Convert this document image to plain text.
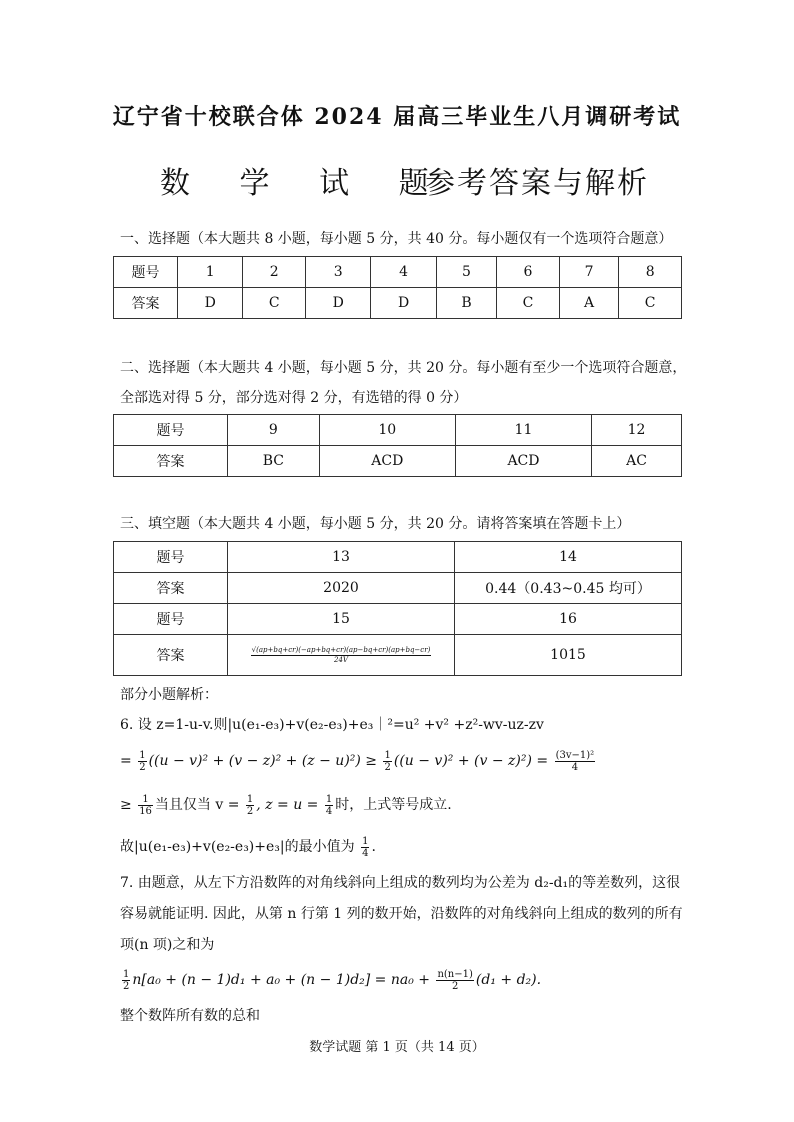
辽宁省十校联合体 2024 届高三毕业生八月调研考试
数 学 试 题
参考答案与解析
一、选择题（本大题共 8 小题，每小题 5 分，共 40 分。每小题仅有一个选项符合题意）
题号	1	2	3	4	5	6	7	8
答案	D	C	D	D	B	C	A	C
二、选择题（本大题共 4 小题，每小题 5 分，共 20 分。每小题有至少一个选项符合题意，
全部选对得 5 分，部分选对得 2 分，有选错的得 0 分）
题号	9	10	11	12
答案	BC	ACD	ACD	AC
三、填空题（本大题共 4 小题，每小题 5 分，共 20 分。请将答案填在答题卡上）
题号	13	14
答案	2020	0.44（0.43~0.45 均可）
题号	15	16
答案	$\frac{√(ap+bq+cr)(-ap+bq+cr)(ap-bq+cr)(ap+bq-cr)}{24V}$	1015
部分小题解析：
6. 设 z=1-u-v.则|u(e₁-e₃)+v(e₂-e₃)+e₃｜²=u² +v² +z²-wv-uz-zv
= $\frac{1}{2} ((u - v)^2 + (v - z)^2 + (z - u)^2) \ge \frac{1}{2} ((u - v)^2 + (v - z)^2) = \frac{\text{(3v−1)²}}{4}$
≥ $\frac{1}{16}$ 当且仅当 $v = \frac{1}{2}$ , $z = u = \frac{1}{4}$ 时，上式等号成立.
故|u(e₁-e₃)+v(e₂-e₃)+e₃|的最小值为 $\frac{1}{4}$ .
7. 由题意，从左下方沿数阵的对角线斜向上组成的数列均为公差为 d₂-d₁的等差数列，这很
容易就能证明. 因此，从第 n 行第 1 列的数开始，沿数阵的对角线斜向上组成的数列的所有
项(n 项)之和为
$\frac{1}{2} n[a_0 + (n - 1)d_1 + a_0 + (n - 1)d_2] = na_0 + \frac{n(n-1)}{2} (d_1 + d_2)$.
整个数阵所有数的总和
数学试题 第 1 页（共 14 页）
